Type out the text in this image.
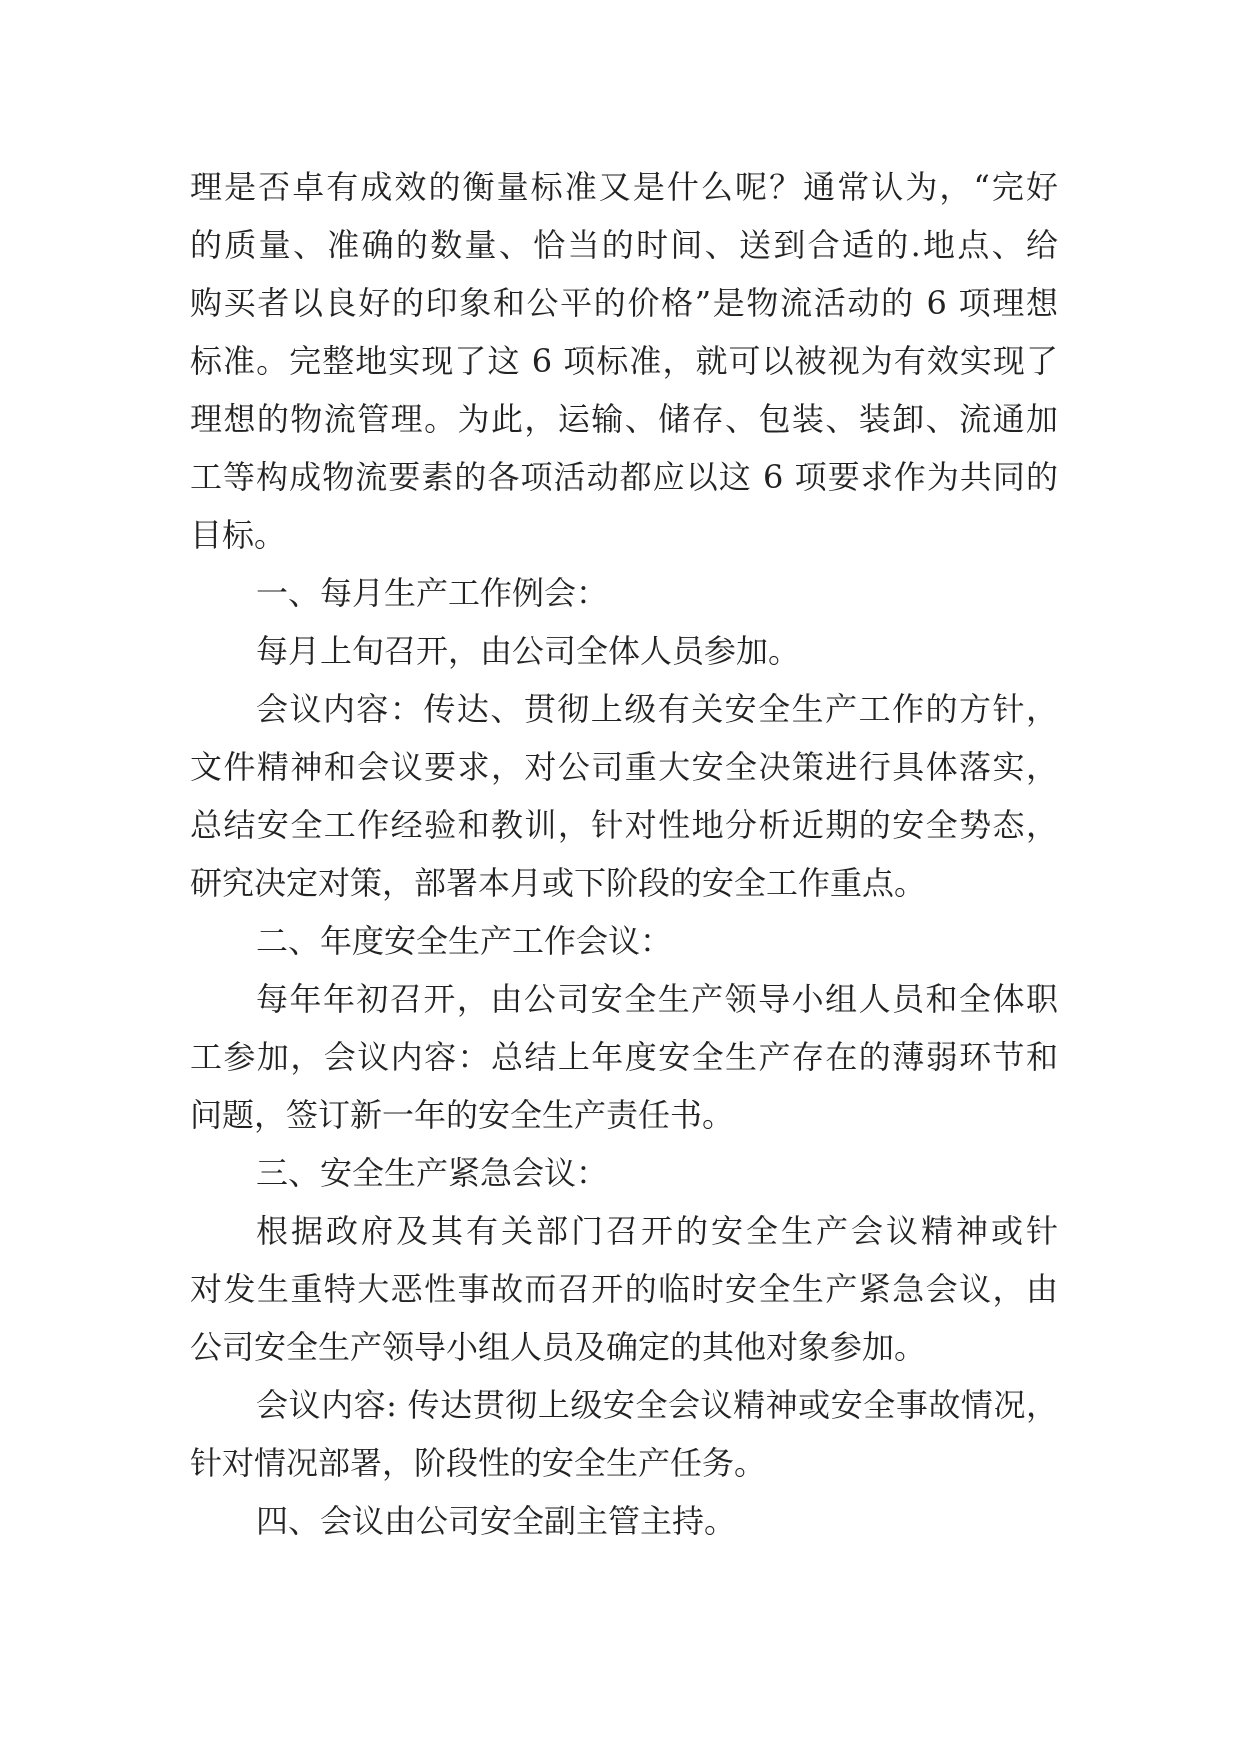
理是否卓有成效的衡量标准又是什么呢？通常认为，“完好
的质量、准确的数量、恰当的时间、送到合适的.地点、给
购买者以良好的印象和公平的价格”是物流活动的 6 项理想
标准。完整地实现了这 6 项标准，就可以被视为有效实现了
理想的物流管理。为此，运输、储存、包装、装卸、流通加
工等构成物流要素的各项活动都应以这 6 项要求作为共同的
目标。
一、每月生产工作例会：
每月上旬召开，由公司全体人员参加。
会议内容：传达、贯彻上级有关安全生产工作的方针，
文件精神和会议要求，对公司重大安全决策进行具体落实，
总结安全工作经验和教训，针对性地分析近期的安全势态，
研究决定对策，部署本月或下阶段的安全工作重点。
二、年度安全生产工作会议：
每年年初召开，由公司安全生产领导小组人员和全体职
工参加，会议内容：总结上年度安全生产存在的薄弱环节和
问题，签订新一年的安全生产责任书。
三、安全生产紧急会议：
根据政府及其有关部门召开的安全生产会议精神或针
对发生重特大恶性事故而召开的临时安全生产紧急会议，由
公司安全生产领导小组人员及确定的其他对象参加。
会议内容: 传达贯彻上级安全会议精神或安全事故情况，
针对情况部署，阶段性的安全生产任务。
四、会议由公司安全副主管主持。
